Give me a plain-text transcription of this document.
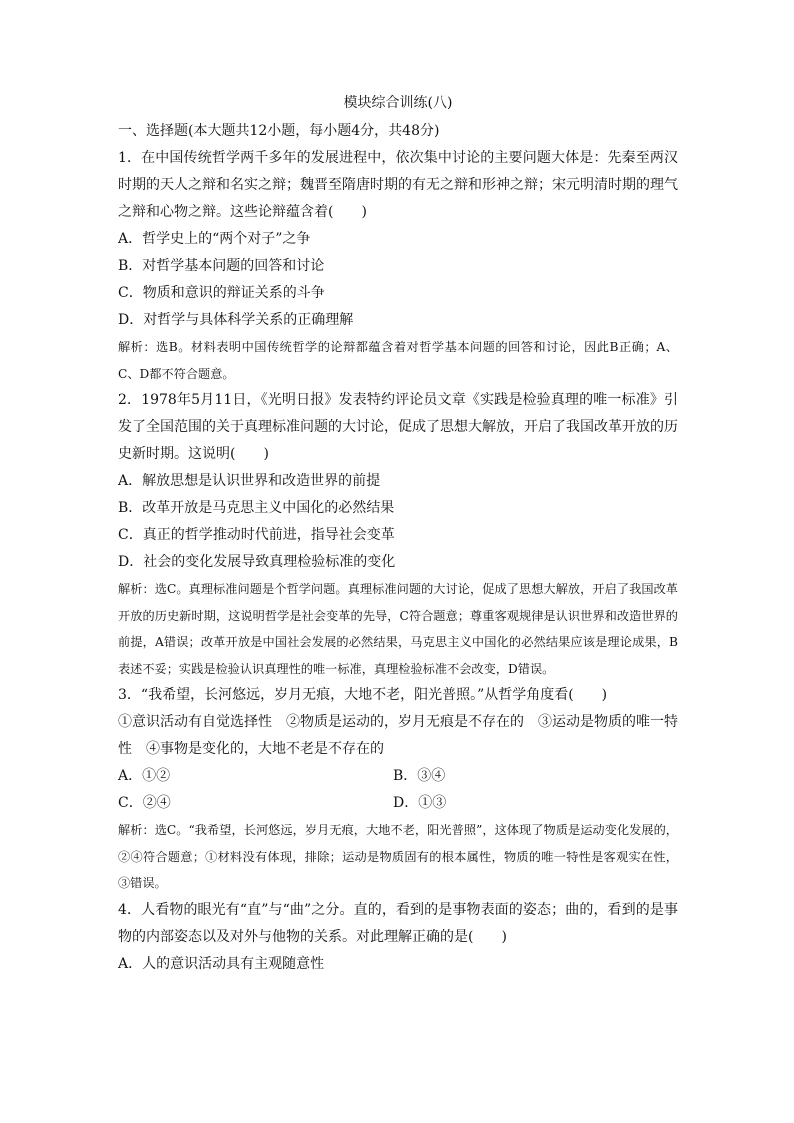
模块综合训练(八)
一、选择题(本大题共12小题，每小题4分，共48分)
1．在中国传统哲学两千多年的发展进程中，依次集中讨论的主要问题大体是：先秦至两汉时期的天人之辩和名实之辩；魏晋至隋唐时期的有无之辩和形神之辩；宋元明清时期的理气之辩和心物之辩。这些论辩蕴含着(　　)
A．哲学史上的“两个对子”之争
B．对哲学基本问题的回答和讨论
C．物质和意识的辩证关系的斗争
D．对哲学与具体科学关系的正确理解
解析：选B。材料表明中国传统哲学的论辩都蕴含着对哲学基本问题的回答和讨论，因此B正确；A、C、D都不符合题意。
2．1978年5月11日，《光明日报》发表特约评论员文章《实践是检验真理的唯一标准》引发了全国范围的关于真理标准问题的大讨论，促成了思想大解放，开启了我国改革开放的历史新时期。这说明(　　)
A．解放思想是认识世界和改造世界的前提
B．改革开放是马克思主义中国化的必然结果
C．真正的哲学推动时代前进，指导社会变革
D．社会的变化发展导致真理检验标准的变化
解析：选C。真理标准问题是个哲学问题。真理标准问题的大讨论，促成了思想大解放，开启了我国改革开放的历史新时期，这说明哲学是社会变革的先导，C符合题意；尊重客观规律是认识世界和改造世界的前提，A错误；改革开放是中国社会发展的必然结果，马克思主义中国化的必然结果应该是理论成果，B表述不妥；实践是检验认识真理性的唯一标准，真理检验标准不会改变，D错误。
3．“我希望，长河悠远，岁月无痕，大地不老，阳光普照。”从哲学角度看(　　)
①意识活动有自觉选择性　②物质是运动的，岁月无痕是不存在的　③运动是物质的唯一特性　④事物是变化的，大地不老是不存在的
A．①②	B．③④
C．②④	D．①③
解析：选C。“我希望，长河悠远，岁月无痕，大地不老，阳光普照”，这体现了物质是运动变化发展的，②④符合题意；①材料没有体现，排除；运动是物质固有的根本属性，物质的唯一特性是客观实在性，③错误。
4．人看物的眼光有“直”与“曲”之分。直的，看到的是事物表面的姿态；曲的，看到的是事物的内部姿态以及对外与他物的关系。对此理解正确的是(　　)
A．人的意识活动具有主观随意性
